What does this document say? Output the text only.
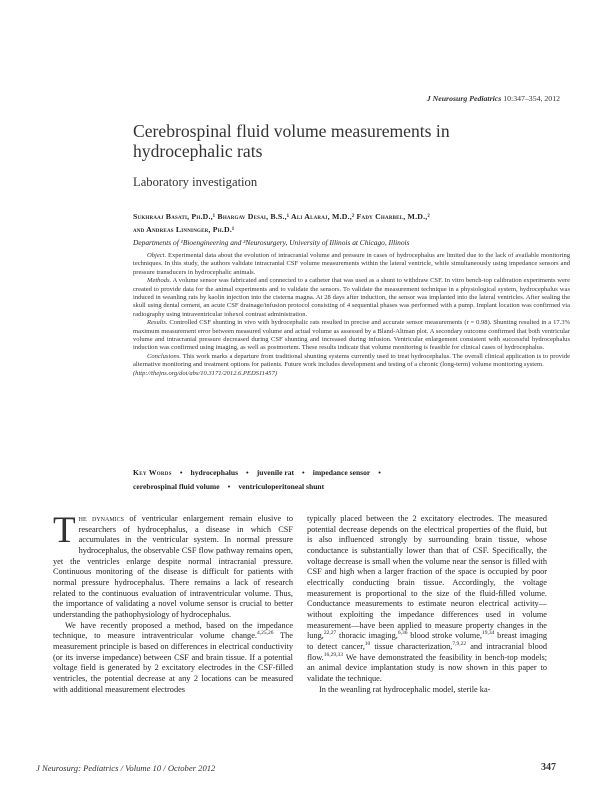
J Neurosurg Pediatrics 10:347–354, 2012
Cerebrospinal fluid volume measurements in hydrocephalic rats
Laboratory investigation
Sukhraaj Basati, Ph.D.,¹ Bhargav Desai, B.S.,¹ Ali Alaraj, M.D.,² Fady Charbel, M.D.,²
and Andreas Linninger, Ph.D.¹
Departments of ¹Bioengineering and ²Neurosurgery, University of Illinois at Chicago, Illinois

Object. Experimental data about the evolution of intracranial volume and pressure in cases of hydrocephalus are limited due to the lack of available monitoring techniques. In this study, the authors validate intracranial CSF volume measurements within the lateral ventricle, while simultaneously using impedance sensors and pressure transducers in hydrocephalic animals.

Methods. A volume sensor was fabricated and connected to a catheter that was used as a shunt to withdraw CSF. In vitro bench-top calibration experiments were created to provide data for the animal experiments and to validate the sensors. To validate the measurement technique in a physiological system, hydrocephalus was induced in weanling rats by kaolin injection into the cisterna magna. At 28 days after induction, the sensor was implanted into the lateral ventricles. After sealing the skull using dental cement, an acute CSF drainage/infusion protocol consisting of 4 sequential phases was performed with a pump. Implant location was confirmed via radiography using intraventricular iohexol contrast administration.

Results. Controlled CSF shunting in vivo with hydrocephalic rats resulted in precise and accurate sensor measurements (r = 0.98). Shunting resulted in a 17.3% maximum measurement error between measured volume and actual volume as assessed by a Bland-Altman plot. A secondary outcome confirmed that both ventricular volume and intracranial pressure decreased during CSF shunting and increased during infusion. Ventricular enlargement consistent with successful hydrocephalus induction was confirmed using imaging, as well as postmortem. These results indicate that volume monitoring is feasible for clinical cases of hydrocephalus.

Conclusions. This work marks a departure from traditional shunting systems currently used to treat hydrocephalus. The overall clinical application is to provide alternative monitoring and treatment options for patients. Future work includes development and testing of a chronic (long-term) volume monitoring system.
(http://thejns.org/doi/abs/10.3171/2012.6.PEDS11457)

Key Words • hydrocephalus • juvenile rat • impedance sensor •
cerebrospinal fluid volume • ventriculoperitoneal shunt

The dynamics of ventricular enlargement remain elusive to researchers of hydrocephalus, a disease in which CSF accumulates in the ventricular system. In normal pressure hydrocephalus, the observable CSF flow pathway remains open, yet the ventricles enlarge despite normal intracranial pressure. Continuous monitoring of the disease is difficult for patients with normal pressure hydrocephalus. There remains a lack of research related to the continuous evaluation of intraventricular volume. Thus, the importance of validating a novel volume sensor is crucial to better understanding the pathophysiology of hydrocephalus.

We have recently proposed a method, based on the impedance technique, to measure intraventricular volume change.$^{4,25,26}$ The measurement principle is based on differences in electrical conductivity (or its inverse impedance) between CSF and brain tissue. If a potential voltage field is generated by 2 excitatory electrodes in the CSF-filled ventricles, the potential decrease at any 2 locations can be measured with additional measurement electrodes

typically placed between the 2 excitatory electrodes. The measured potential decrease depends on the electrical properties of the fluid, but is also influenced strongly by surrounding brain tissue, whose conductance is substantially lower than that of CSF. Specifically, the voltage decrease is small when the volume near the sensor is filled with CSF and high when a larger fraction of the space is occupied by poor electrically conducting brain tissue. Accordingly, the voltage measurement is proportional to the size of the fluid-filled volume. Conductance measurements to estimate neuron electrical activity—without exploiting the impedance differences used in volume measurement—have been applied to measure property changes in the lung,$^{22,27}$ thoracic imaging,$^{6,36}$ blood stroke volume,$^{19,34}$ breast imaging to detect cancer,$^{10}$ tissue characterization,$^{7,9,22}$ and intracranial blood flow.$^{16,29,33}$ We have demonstrated the feasibility in bench-top models; an animal device implantation study is now shown in this paper to validate the technique.

In the weanling rat hydrocephalic model, sterile ka-

J Neurosurg: Pediatrics / Volume 10 / October 2012	347
